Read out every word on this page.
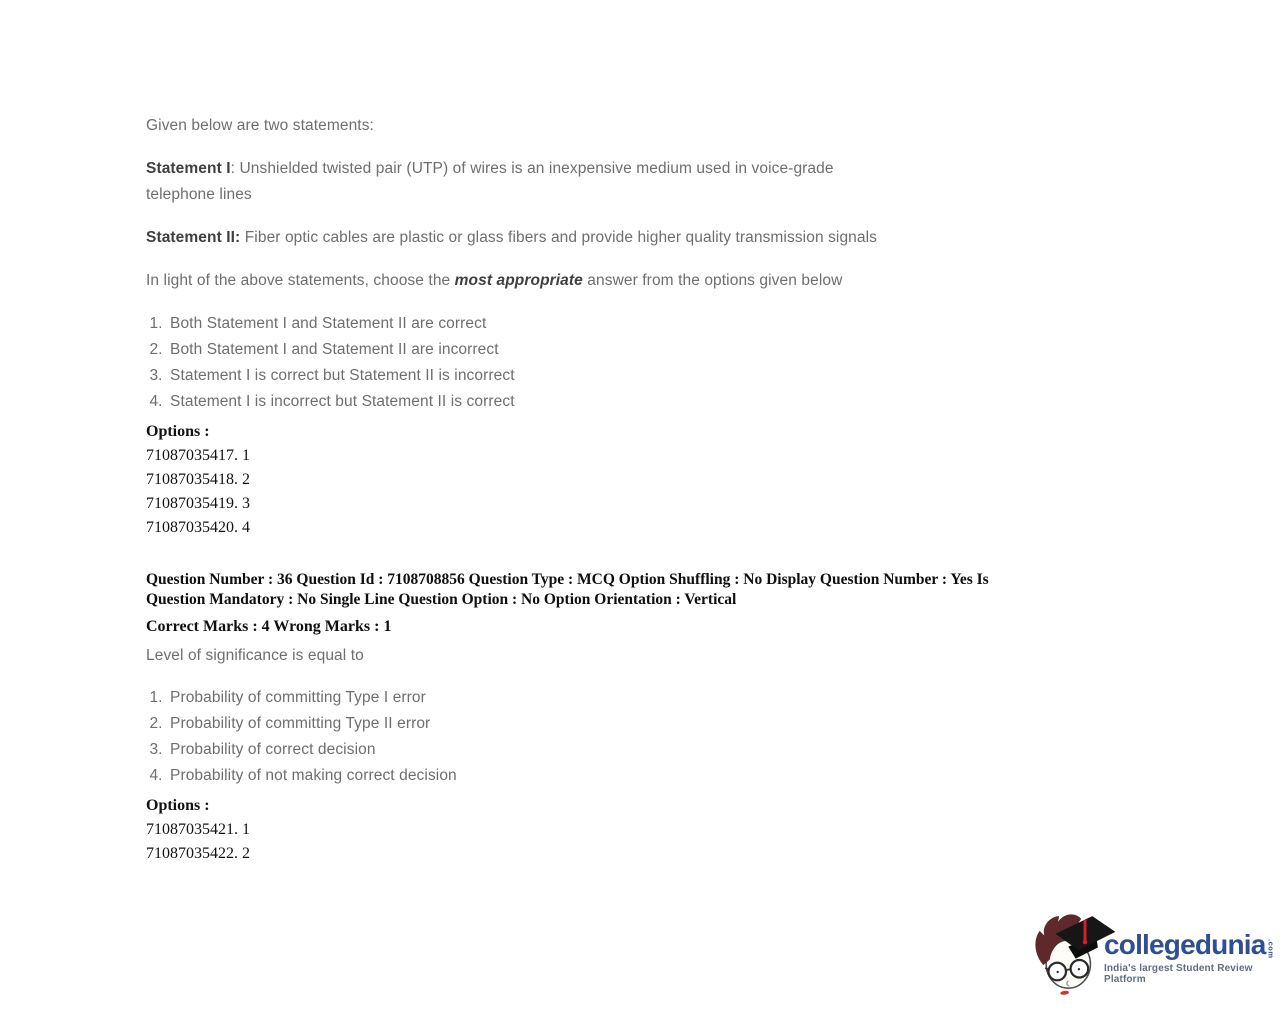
Given below are two statements:

Statement I: Unshielded twisted pair (UTP) of wires is an inexpensive medium used in voice-grade telephone lines

Statement II: Fiber optic cables are plastic or glass fibers and provide higher quality transmission signals

In light of the above statements, choose the most appropriate answer from the options given below

1. Both Statement I and Statement II are correct
2. Both Statement I and Statement II are incorrect
3. Statement I is correct but Statement II is incorrect
4. Statement I is incorrect but Statement II is correct
Options :
71087035417. 1
71087035418. 2
71087035419. 3
71087035420. 4
Question Number : 36 Question Id : 7108708856 Question Type : MCQ Option Shuffling : No Display Question Number : Yes Is
Question Mandatory : No Single Line Question Option : No Option Orientation : Vertical
Correct Marks : 4 Wrong Marks : 1

Level of significance is equal to

1. Probability of committing Type I error
2. Probability of committing Type II error
3. Probability of correct decision
4. Probability of not making correct decision
Options :
71087035421. 1
71087035422. 2
collegedunia .com
India's largest Student Review Platform
